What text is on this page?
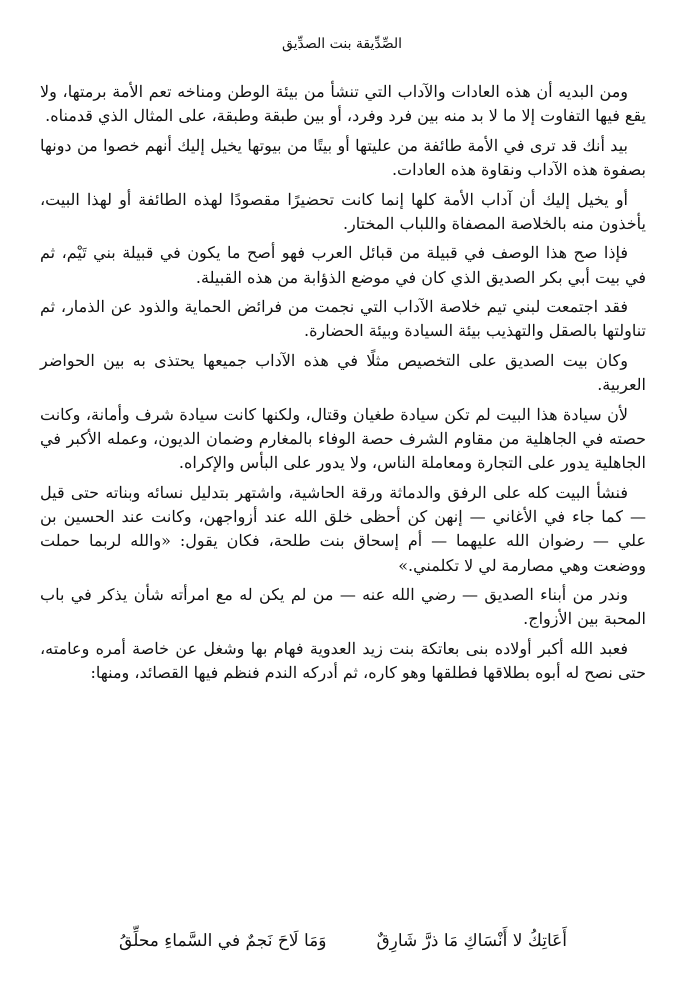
الصِّدِّيقة بنت الصدِّيق

ومن البديه أن هذه العادات والآداب التي تنشأ من بيئة الوطن ومناخه تعم الأمة برمتها، ولا يقع فيها التفاوت إلا ما لا بد منه بين فرد وفرد، أو بين طبقة وطبقة، على المثال الذي قدمناه.

بيد أنك قد ترى في الأمة طائفة من عليتها أو بيتًا من بيوتها يخيل إليك أنهم خصوا من دونها بصفوة هذه الآداب ونقاوة هذه العادات.

أو يخيل إليك أن آداب الأمة كلها إنما كانت تحضيرًا مقصودًا لهذه الطائفة أو لهذا البيت، يأخذون منه بالخلاصة المصفاة واللباب المختار.

فإذا صح هذا الوصف في قبيلة من قبائل العرب فهو أصح ما يكون في قبيلة بني تَيْم، ثم في بيت أبي بكر الصديق الذي كان في موضع الذؤابة من هذه القبيلة.

فقد اجتمعت لبني تيم خلاصة الآداب التي نجمت من فرائض الحماية والذود عن الذمار، ثم تناولتها بالصقل والتهذيب بيئة السيادة وبيئة الحضارة.

وكان بيت الصديق على التخصيص مثلًا في هذه الآداب جميعها يحتذى به بين الحواضر العربية.

لأن سيادة هذا البيت لم تكن سيادة طغيان وقتال، ولكنها كانت سيادة شرف وأمانة، وكانت حصته في الجاهلية من مقاوم الشرف حصة الوفاء بالمغارم وضمان الديون، وعمله الأكبر في الجاهلية يدور على التجارة ومعاملة الناس، ولا يدور على البأس والإكراه.

فنشأ البيت كله على الرفق والدماثة ورقة الحاشية، واشتهر بتدليل نسائه وبناته حتى قيل — كما جاء في الأغاني — إنهن كن أحظى خلق الله عند أزواجهن، وكانت عند الحسين بن علي — رضوان الله عليهما — أم إسحاق بنت طلحة، فكان يقول: «والله لربما حملت ووضعت وهي مصارمة لي لا تكلمني.»

وندر من أبناء الصديق — رضي الله عنه — من لم يكن له مع امرأته شأن يذكر في باب المحبة بين الأزواج.

فعبد الله أكبر أولاده بنى بعاتكة بنت زيد العدوية فهام بها وشغل عن خاصة أمره وعامته، حتى نصح له أبوه بطلاقها فطلقها وهو كاره، ثم أدركه الندم فنظم فيها القصائد، ومنها:

أَعَاتِكُ لا أَنْسَاكِ مَا ذرَّ شَارِقٌ
وَمَا لَاحَ نَجمٌ في السَّماءِ محلِّقُ
